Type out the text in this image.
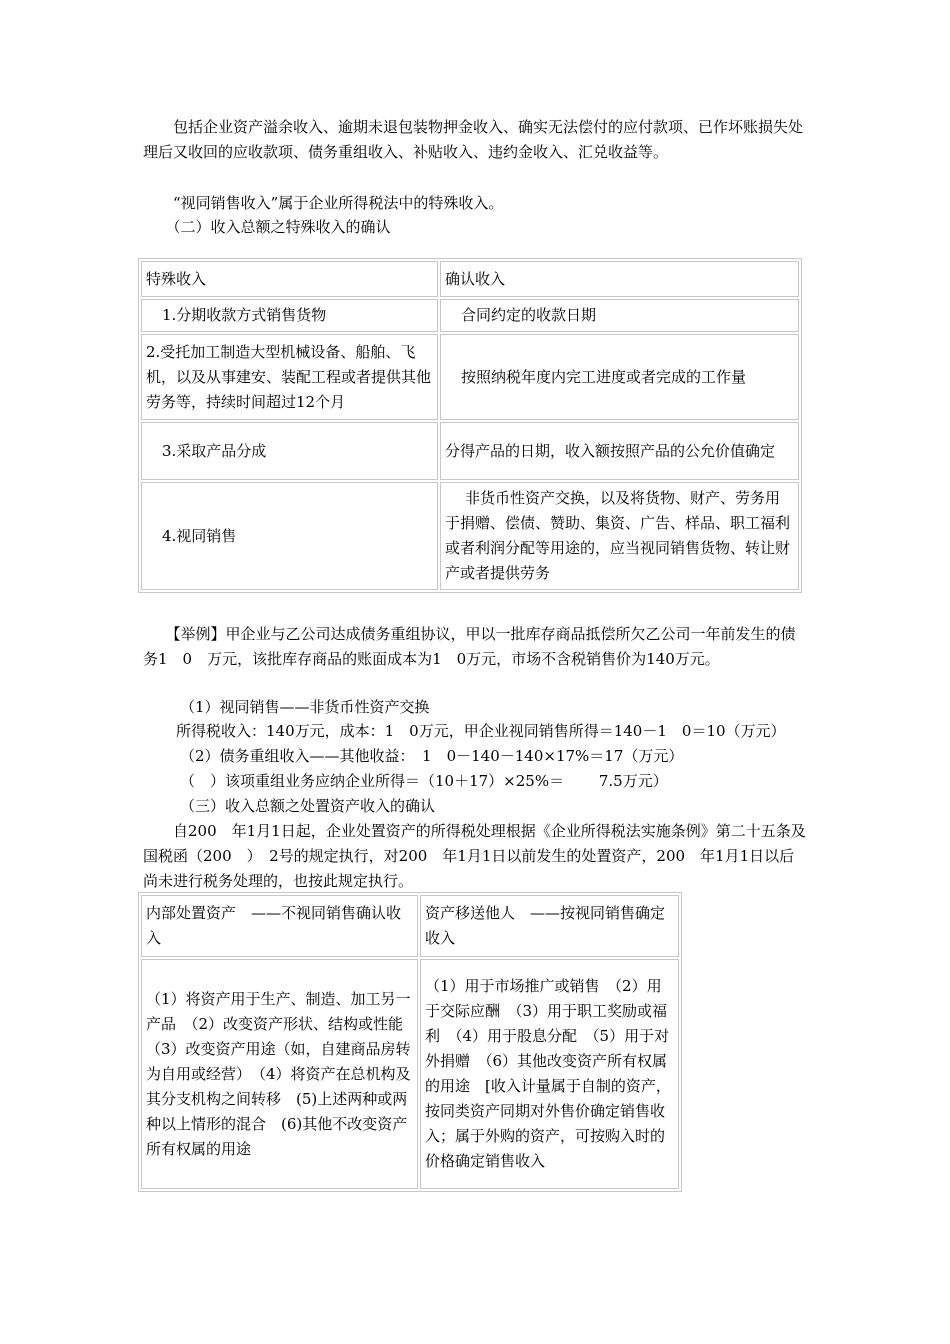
　　包括企业资产溢余收入、逾期未退包装物押金收入、确实无法偿付的应付款项、已作坏账损失处理后又收回的应收款项、债务重组收入、补贴收入、违约金收入、汇兑收益等。
　　“视同销售收入”属于企业所得税法中的特殊收入。
　　（二）收入总额之特殊收入的确认
特殊收入	确认收入
1.分期收款方式销售货物	合同约定的收款日期
2.受托加工制造大型机械设备、船舶、飞机，以及从事建安、装配工程或者提供其他劳务等，持续时间超过12个月	按照纳税年度内完工进度或者完成的工作量
3.采取产品分成	分得产品的日期，收入额按照产品的公允价值确定
4.视同销售	非货币性资产交换，以及将货物、财产、劳务用于捐赠、偿债、赞助、集资、广告、样品、职工福利或者利润分配等用途的，应当视同销售货物、转让财产或者提供劳务
　　【举例】甲企业与乙公司达成债务重组协议，甲以一批库存商品抵偿所欠乙公司一年前发生的债务1　0　万元，该批库存商品的账面成本为1　0万元，市场不含税销售价为140万元。
（1）视同销售——非货币性资产交换
所得税收入：140万元，成本：1　0万元，甲企业视同销售所得＝140－1　0＝10（万元）
（2）债务重组收入——其他收益：　1　0－140－140×17%＝17（万元）
（　）该项重组业务应纳企业所得＝（10＋17）×25%＝　　 7.5万元）
（三）收入总额之处置资产收入的确认
　　自200　年1月1日起，企业处置资产的所得税处理根据《企业所得税法实施条例》第二十五条及国税函（200　）　2号的规定执行，对200　年1月1日以前发生的处置资产，200　年1月1日以后尚未进行税务处理的，也按此规定执行。
内部处置资产　——不视同销售确认收入	资产移送他人　——按视同销售确定收入
（1）将资产用于生产、制造、加工另一产品　（2）改变资产形状、结构或性能　（3）改变资产用途（如，自建商品房转为自用或经营）　（4）将资产在总机构及其分支机构之间转移　(5)上述两种或两种以上情形的混合　(6)其他不改变资产所有权属的用途	（1）用于市场推广或销售　（2）用于交际应酬　（3）用于职工奖励或福利　（4）用于股息分配　（5）用于对外捐赠　（6）其他改变资产所有权属的用途　[收入计量属于自制的资产，按同类资产同期对外售价确定销售收入；属于外购的资产，可按购入时的价格确定销售收入
